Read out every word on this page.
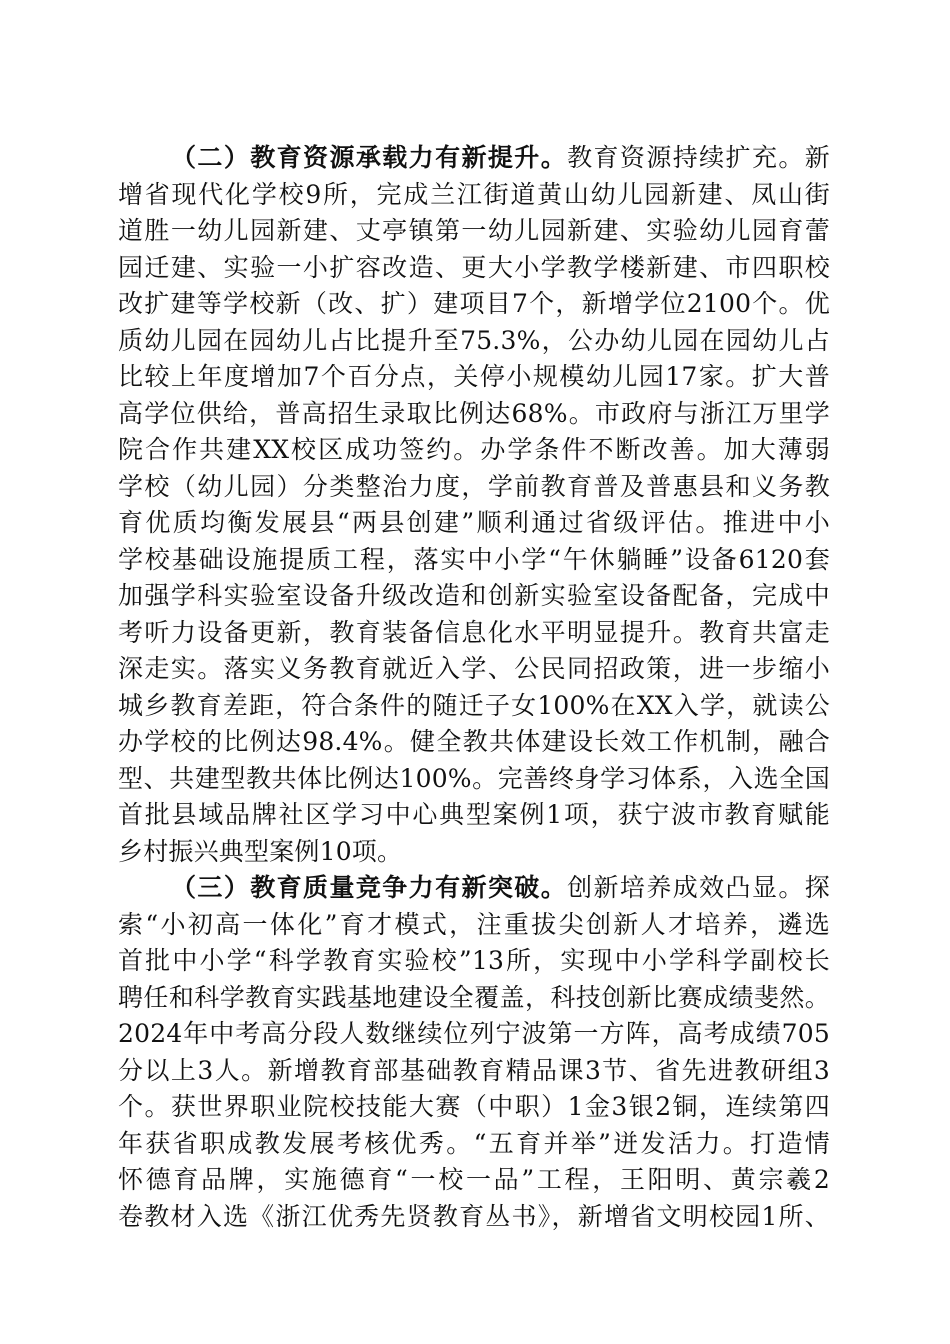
（二）教育资源承载力有新提升。教育资源持续扩充。新
增省现代化学校9所，完成兰江街道黄山幼儿园新建、凤山街
道胜一幼儿园新建、丈亭镇第一幼儿园新建、实验幼儿园育蕾
园迁建、实验一小扩容改造、更大小学教学楼新建、市四职校
改扩建等学校新（改、扩）建项目7个，新增学位2100个。优
质幼儿园在园幼儿占比提升至75.3%，公办幼儿园在园幼儿占
比较上年度增加7个百分点，关停小规模幼儿园17家。扩大普
高学位供给，普高招生录取比例达68%。市政府与浙江万里学
院合作共建XX校区成功签约。办学条件不断改善。加大薄弱
学校（幼儿园）分类整治力度，学前教育普及普惠县和义务教
育优质均衡发展县“两县创建”顺利通过省级评估。推进中小
学校基础设施提质工程，落实中小学“午休躺睡”设备6120套
加强学科实验室设备升级改造和创新实验室设备配备，完成中
考听力设备更新，教育装备信息化水平明显提升。教育共富走
深走实。落实义务教育就近入学、公民同招政策，进一步缩小
城乡教育差距，符合条件的随迁子女100%在XX入学，就读公
办学校的比例达98.4%。健全教共体建设长效工作机制，融合
型、共建型教共体比例达100%。完善终身学习体系，入选全国
首批县域品牌社区学习中心典型案例1项，获宁波市教育赋能
乡村振兴典型案例10项。
（三）教育质量竞争力有新突破。创新培养成效凸显。探
索“小初高一体化”育才模式，注重拔尖创新人才培养，遴选
首批中小学“科学教育实验校”13所，实现中小学科学副校长
聘任和科学教育实践基地建设全覆盖，科技创新比赛成绩斐然。
2024年中考高分段人数继续位列宁波第一方阵，高考成绩705
分以上3人。新增教育部基础教育精品课3节、省先进教研组3
个。获世界职业院校技能大赛（中职）1金3银2铜，连续第四
年获省职成教发展考核优秀。“五育并举”迸发活力。打造情
怀德育品牌，实施德育“一校一品”工程，王阳明、黄宗羲2
卷教材入选《浙江优秀先贤教育丛书》，新增省文明校园1所、
